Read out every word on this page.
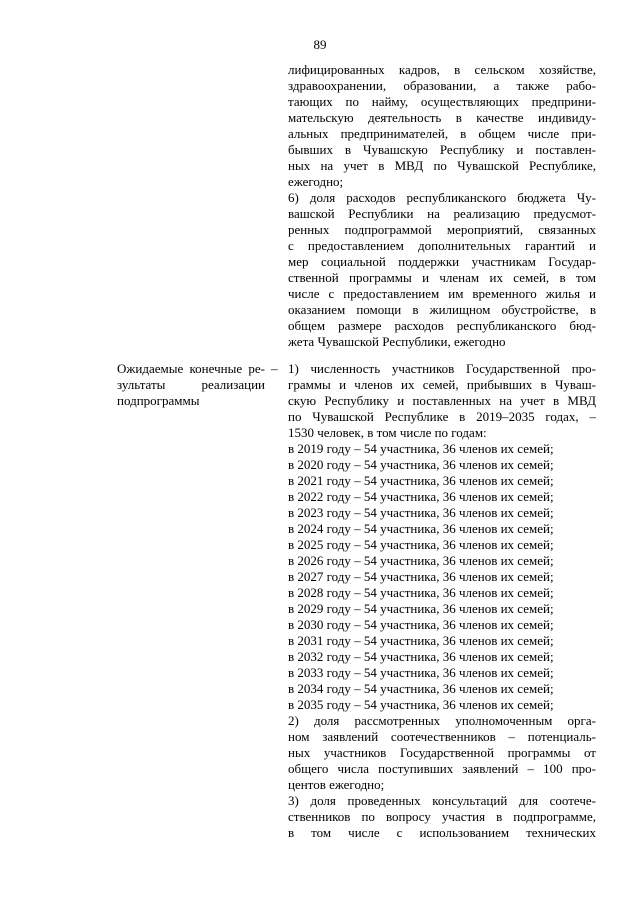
89
лифицированных кадров, в сельском хозяйстве,
здравоохранении, образовании, а также рабо-
тающих по найму, осуществляющих предприни-
мательскую деятельность в качестве индивиду-
альных предпринимателей, в общем числе при-
бывших в Чувашскую Республику и поставлен-
ных на учет в МВД по Чувашской Республике,
ежегодно;
6) доля расходов республиканского бюджета Чу-
вашской Республики на реализацию предусмот-
ренных подпрограммой мероприятий, связанных
с предоставлением дополнительных гарантий и
мер социальной поддержки участникам Государ-
ственной программы и членам их семей, в том
числе с предоставлением им временного жилья и
оказанием помощи в жилищном обустройстве, в
общем размере расходов республиканского бюд-
жета Чувашской Республики, ежегодно
Ожидаемые конечные ре-
зультаты реализации
подпрограммы
– 1) численность участников Государственной про-
граммы и членов их семей, прибывших в Чуваш-
скую Республику и поставленных на учет в МВД
по Чувашской Республике в 2019–2035 годах, –
1530 человек, в том числе по годам:
в 2019 году – 54 участника, 36 членов их семей;
в 2020 году – 54 участника, 36 членов их семей;
в 2021 году – 54 участника, 36 членов их семей;
в 2022 году – 54 участника, 36 членов их семей;
в 2023 году – 54 участника, 36 членов их семей;
в 2024 году – 54 участника, 36 членов их семей;
в 2025 году – 54 участника, 36 членов их семей;
в 2026 году – 54 участника, 36 членов их семей;
в 2027 году – 54 участника, 36 членов их семей;
в 2028 году – 54 участника, 36 членов их семей;
в 2029 году – 54 участника, 36 членов их семей;
в 2030 году – 54 участника, 36 членов их семей;
в 2031 году – 54 участника, 36 членов их семей;
в 2032 году – 54 участника, 36 членов их семей;
в 2033 году – 54 участника, 36 членов их семей;
в 2034 году – 54 участника, 36 членов их семей;
в 2035 году – 54 участника, 36 членов их семей;
2) доля рассмотренных уполномоченным орга-
ном заявлений соотечественников – потенциаль-
ных участников Государственной программы от
общего числа поступивших заявлений – 100 про-
центов ежегодно;
3) доля проведенных консультаций для соотече-
ственников по вопросу участия в подпрограмме,
в том числе с использованием технических
